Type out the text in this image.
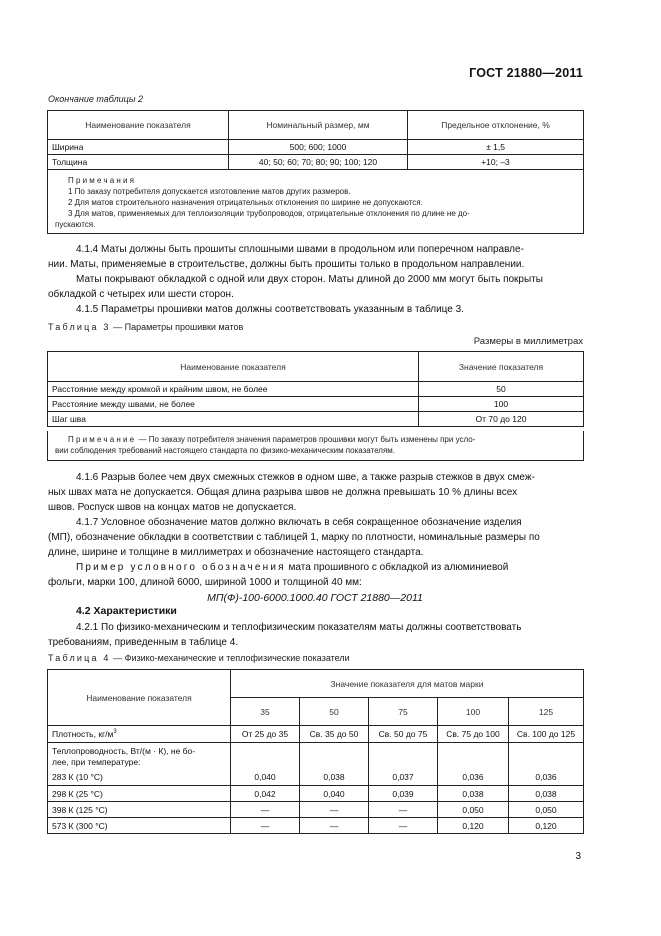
ГОСТ 21880—2011
Окончание таблицы 2
Наименование показателя	Номинальный размер, мм	Предельное отклонение, %
Ширина	500; 600; 1000	± 1,5
Толщина	40; 50; 60; 70; 80; 90; 100; 120	+10; –3
Примечания
1 По заказу потребителя допускается изготовление матов других размеров.
2 Для матов строительного назначения отрицательных отклонения по ширине не допускаются.
3 Для матов, применяемых для теплоизоляции трубопроводов, отрицательные отклонения по длине не до-
пускаются.
4.1.4 Маты должны быть прошиты сплошными швами в продольном или поперечном направле-
нии. Маты, применяемые в строительстве, должны быть прошиты только в продольном направлении.
Маты покрывают обкладкой с одной или двух сторон. Маты длиной до 2000 мм могут быть покрыты
обкладкой с четырех или шести сторон.
4.1.5 Параметры прошивки матов должны соответствовать указанным в таблице 3.
Таблица 3 — Параметры прошивки матов
Размеры в миллиметрах
Наименование показателя	Значение показателя
Расстояние между кромкой и крайним швом, не более	50
Расстояние между швами, не более	100
Шаг шва	От 70 до 120
Примечание — По заказу потребителя значения параметров прошивки могут быть изменены при усло-
вии соблюдения требований настоящего стандарта по физико-механическим показателям.
4.1.6 Разрыв более чем двух смежных стежков в одном шве, а также разрыв стежков в двух смеж-
ных швах мата не допускается. Общая длина разрыва швов не должна превышать 10 % длины всех
швов. Роспуск швов на концах матов не допускается.
4.1.7 Условное обозначение матов должно включать в себя сокращенное обозначение изделия
(МП), обозначение обкладки в соответствии с таблицей 1, марку по плотности, номинальные размеры по
длине, ширине и толщине в миллиметрах и обозначение настоящего стандарта.
Пример условного обозначения мата прошивного с обкладкой из алюминиевой
фольги, марки 100, длиной 6000, шириной 1000 и толщиной 40 мм:
МП(Ф)-100-6000.1000.40 ГОСТ 21880—2011
4.2 Характеристики
4.2.1 По физико-механическим и теплофизическим показателям маты должны соответствовать
требованиям, приведенным в таблице 4.
Таблица 4 — Физико-механические и теплофизические показатели
Наименование показателя	Значение показателя для матов марки				
	35	50	75	100	125
Плотность, $кг/м^3$	От 25 до 35	Св. 35 до 50	Св. 50 до 75	Св. 75 до 100	Св. 100 до 125

Теплопроводность, Вт/(м · К), не бо-
лее, при температуре:					

283 К (10 °С)	0,040	0,038	0,037	0,036	0,036
298 К (25 °С)	0,042	0,040	0,039	0,038	0,038
398 К (125 °С)	—	—	—	0,050	0,050
573 К (300 °С)	—	—	—	0,120	0,120
3
